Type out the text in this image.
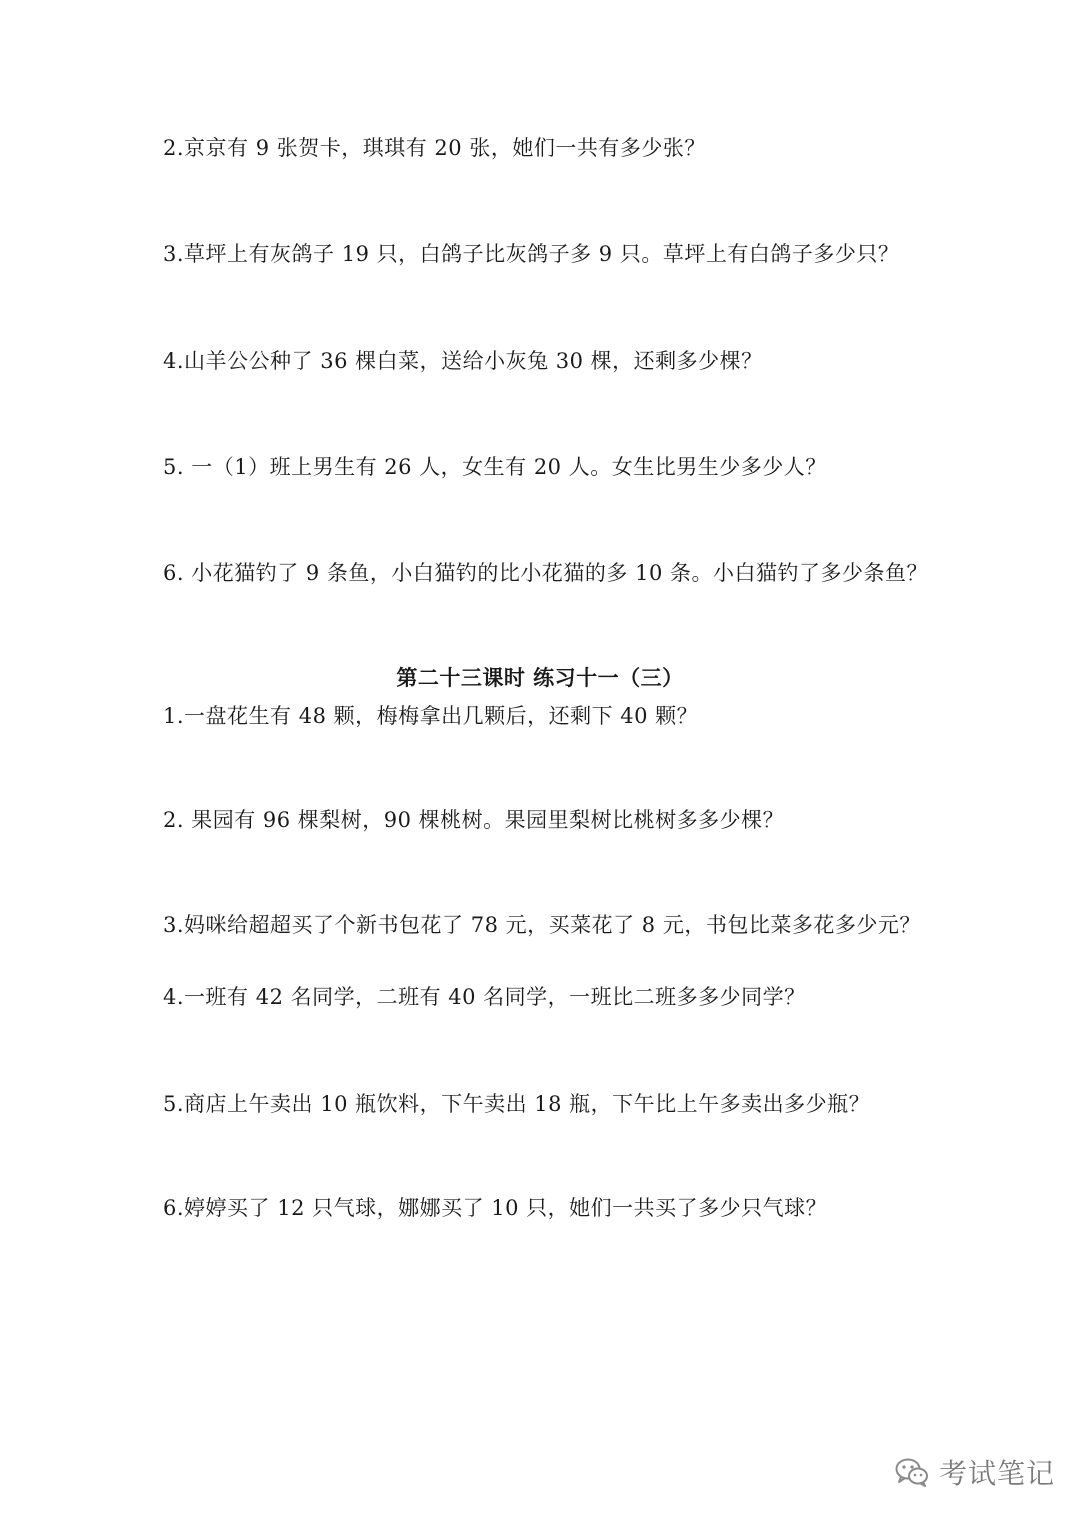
2.京京有 9 张贺卡，琪琪有 20 张，她们一共有多少张？
3.草坪上有灰鸽子 19 只，白鸽子比灰鸽子多 9 只。草坪上有白鸽子多少只？
4.山羊公公种了 36 棵白菜，送给小灰兔 30 棵，还剩多少棵？
5. 一（1）班上男生有 26 人，女生有 20 人。女生比男生少多少人？
6. 小花猫钓了 9 条鱼，小白猫钓的比小花猫的多 10 条。小白猫钓了多少条鱼？
第二十三课时 练习十一（三）
1.一盘花生有 48 颗，梅梅拿出几颗后，还剩下 40 颗？
2. 果园有 96 棵梨树，90 棵桃树。果园里梨树比桃树多多少棵？
3.妈咪给超超买了个新书包花了 78 元，买菜花了 8 元，书包比菜多花多少元？
4.一班有 42 名同学，二班有 40 名同学，一班比二班多多少同学？
5.商店上午卖出 10 瓶饮料，下午卖出 18 瓶，下午比上午多卖出多少瓶？
6.婷婷买了 12 只气球，娜娜买了 10 只，她们一共买了多少只气球？
考试笔记
